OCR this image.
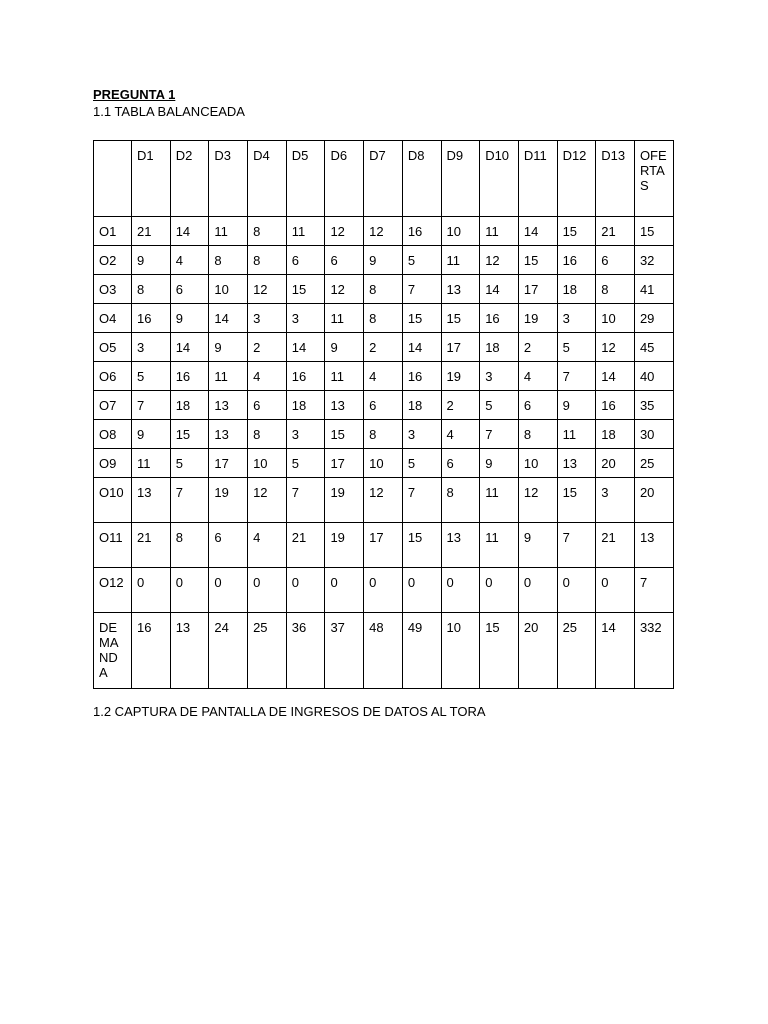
PREGUNTA 1
1.1 TABLA BALANCEADA
	D1	D2	D3	D4	D5	D6	D7	D8	D9	D10	D11	D12	D13	OFERTAS
O1	21	14	11	8	11	12	12	16	10	11	14	15	21	15
O2	9	4	8	8	6	6	9	5	11	12	15	16	6	32
O3	8	6	10	12	15	12	8	7	13	14	17	18	8	41
O4	16	9	14	3	3	11	8	15	15	16	19	3	10	29
O5	3	14	9	2	14	9	2	14	17	18	2	5	12	45
O6	5	16	11	4	16	11	4	16	19	3	4	7	14	40
O7	7	18	13	6	18	13	6	18	2	5	6	9	16	35
O8	9	15	13	8	3	15	8	3	4	7	8	11	18	30
O9	11	5	17	10	5	17	10	5	6	9	10	13	20	25
O10	13	7	19	12	7	19	12	7	8	11	12	15	3	20
O11	21	8	6	4	21	19	17	15	13	11	9	7	21	13
O12	0	0	0	0	0	0	0	0	0	0	0	0	0	7
DEMANDA	16	13	24	25	36	37	48	49	10	15	20	25	14	332
1.2 CAPTURA DE PANTALLA DE INGRESOS DE DATOS AL TORA
